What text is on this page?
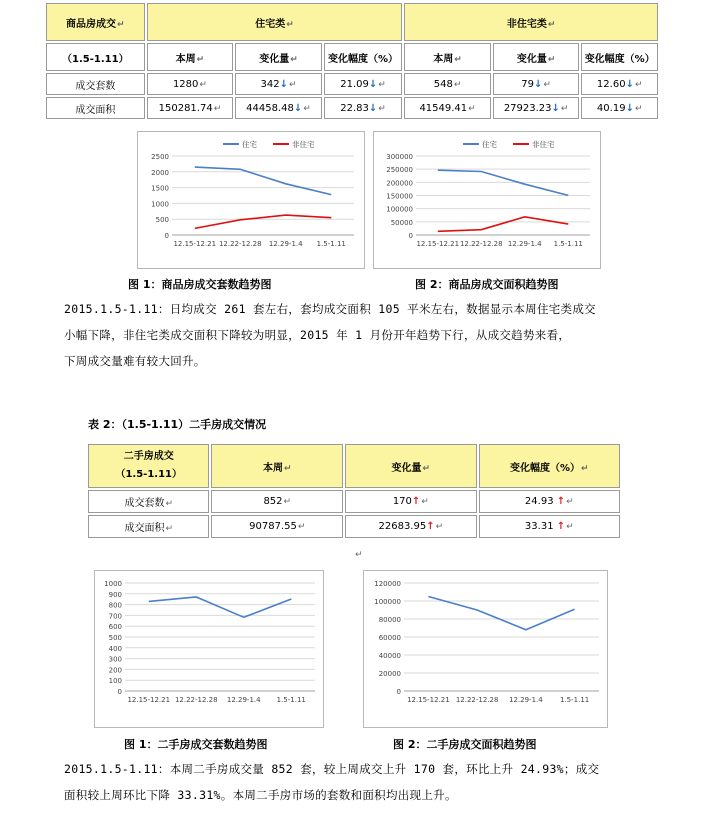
商品房成交↵	住宅类↵			非住宅类↵		
（1.5-1.11）	本周↵	变化量↵	变化幅度（%）	本周↵	变化量↵	变化幅度（%）
成交套数	1280↵	342↓↵	21.09↓↵	548↵	79↓↵	12.60↓↵
成交面积	150281.74↵	44458.48↓↵	22.83↓↵	41549.41↵	27923.23↓↵	40.19↓↵
0
500
1000
1500
2000
2500
12.15-12.21 12.22-12.28 12.29-1.4 1.5-1.11
住宅	非住宅
0
50000
100000
150000
200000
250000
300000
12.15-12.21 12.22-12.28 12.29-1.4 1.5-1.11
住宅	非住宅
图 1：商品房成交套数趋势图	图 2：商品房成交面积趋势图
2015.1.5-1.11：日均成交 261 套左右，套均成交面积 105 平米左右，数据显示本周住宅类成交
小幅下降，非住宅类成交面积下降较为明显，2015 年 1 月份开年趋势下行，从成交趋势来看，
下周成交量难有较大回升。
表 2：（1.5-1.11）二手房成交情况
二手房成交
（1.5-1.11）	本周↵	变化量↵	变化幅度（%）↵
成交套数↵	852↵	170↑↵	24.93 ↑↵
成交面积↵	90787.55↵	22683.95↑↵	33.31 ↑↵
↵
0
100
200
300
400
500
600
700
800
900
1000
12.15-12.21 12.22-12.28 12.29-1.4 1.5-1.11
0
20000
40000
60000
80000
100000
120000
12.15-12.21 12.22-12.28 12.29-1.4 1.5-1.11
图 1：二手房成交套数趋势图	图 2：二手房成交面积趋势图
2015.1.5-1.11：本周二手房成交量 852 套，较上周成交上升 170 套，环比上升 24.93%；成交
面积较上周环比下降 33.31%。本周二手房市场的套数和面积均出现上升。
